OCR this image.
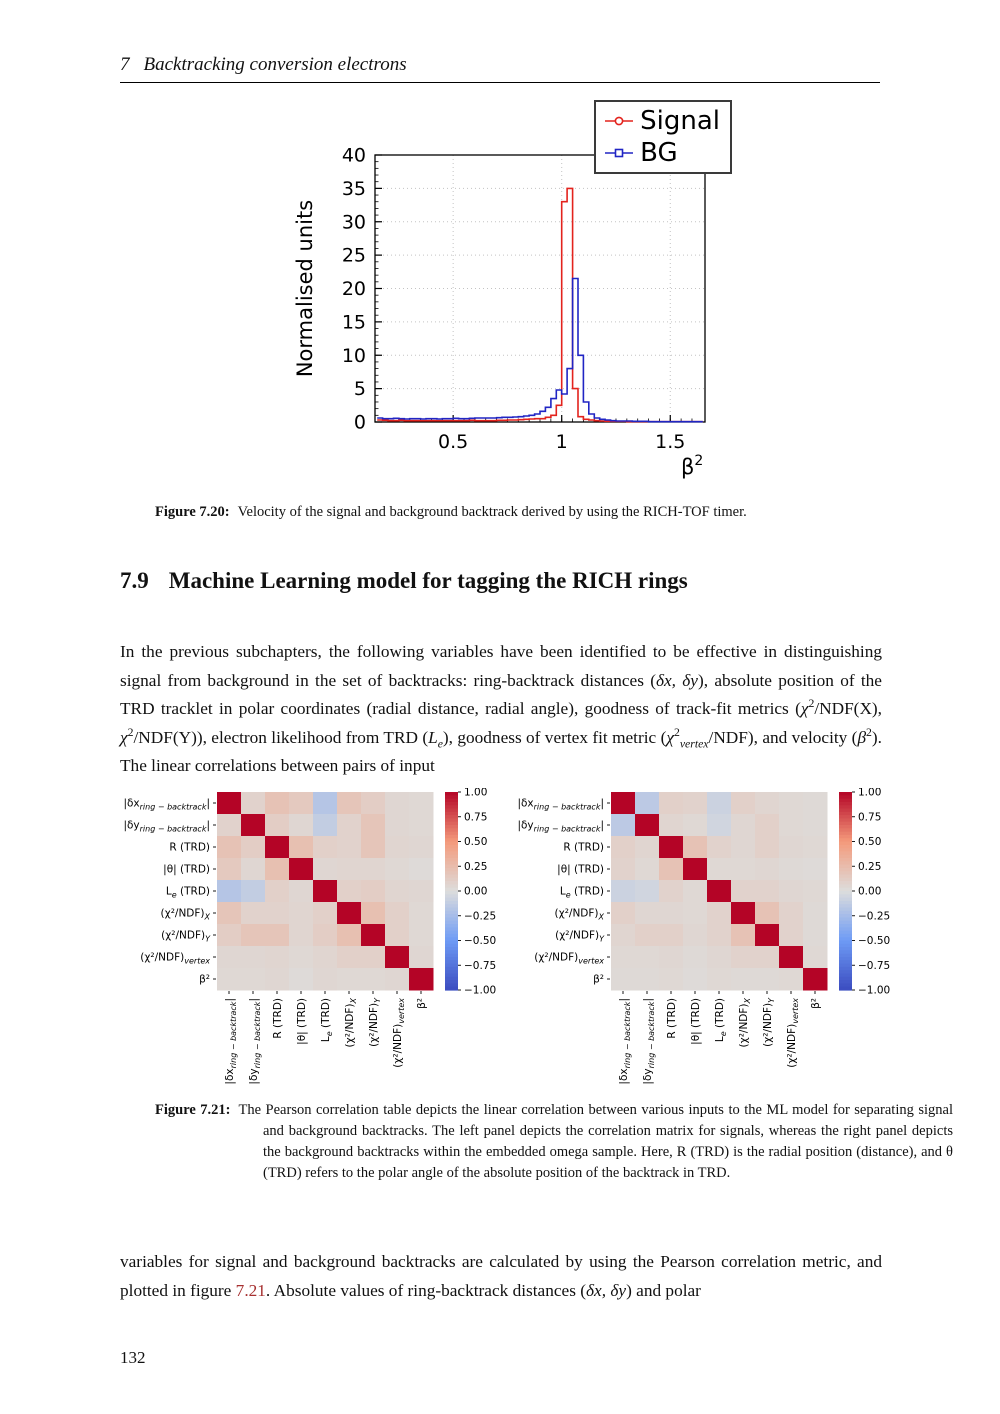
7 Backtracking conversion electrons
0.5	1	1.5
0
5
10
15
20
25
30
35
40
Normalised units
$\beta^2$
Signal
BG

Figure 7.20: Velocity of the signal and background backtrack derived by using the RICH-TOF timer.

7.9 Machine Learning model for tagging the RICH rings

In the previous subchapters, the following variables have been identified to be effective in distinguishing signal from background in the set of backtracks: ring-backtrack distances (δx, δy), absolute position of the TRD tracklet in polar coordinates (radial distance, radial angle), goodness of track-fit metrics ($\chi^2/NDF(X)$, $\chi^2/NDF(Y)$), electron likelihood from TRD $(L_e)$, goodness of vertex fit metric $(\chi^2_{vertex}/NDF)$, and velocity $(\beta^2)$. The linear correlations between pairs of input

$|\delta x_{ring - backtrack}|$
$|\delta y_{ring - backtrack}|$
R (TRD)
|θ| (TRD)
$L_e$ (TRD)
$(\chi^2/NDF)_X$
$(\chi^2/NDF)_Y$
$(\chi^2/NDF)_{vertex}$
β²
$|\delta x_{ring - backtrack}|$
$|\delta y_{ring - backtrack}|$ R (TRD) |θ| (TRD) $L_e$ (TRD) $(\chi^2/NDF)_X$
$(\chi^2/NDF)_Y$
$(\chi^2/NDF)_{vertex}$ β²
1.00
0.75
0.50
0.25
0.00
−0.25
−0.50
−0.75
−1.00
$|\delta x_{ring - backtrack}|$
$|\delta y_{ring - backtrack}|$
R (TRD)
|θ| (TRD)
$L_e$ (TRD)
$(\chi^2/NDF)_X$
$(\chi^2/NDF)_Y$
$(\chi^2/NDF)_{vertex}$
β²
$|\delta x_{ring - backtrack}|$
$|\delta y_{ring - backtrack}|$ R (TRD) |θ| (TRD) $L_e$ (TRD) $(\chi^2/NDF)_X$
$(\chi^2/NDF)_Y$
$(\chi^2/NDF)_{vertex}$ β²
1.00
0.75
0.50
0.25
0.00
−0.25
−0.50
−0.75
−1.00

Figure 7.21: The Pearson correlation table depicts the linear correlation between various inputs to the ML model for separating signal and background backtracks. The left panel depicts the correlation matrix for signals, whereas the right panel depicts the background backtracks within the embedded omega sample. Here, R (TRD) is the radial position (distance), and θ (TRD) refers to the polar angle of the absolute position of the backtrack in TRD.

variables for signal and background backtracks are calculated by using the Pearson correlation metric, and plotted in figure 7.21. Absolute values of ring-backtrack distances (δx, δy) and polar

132
